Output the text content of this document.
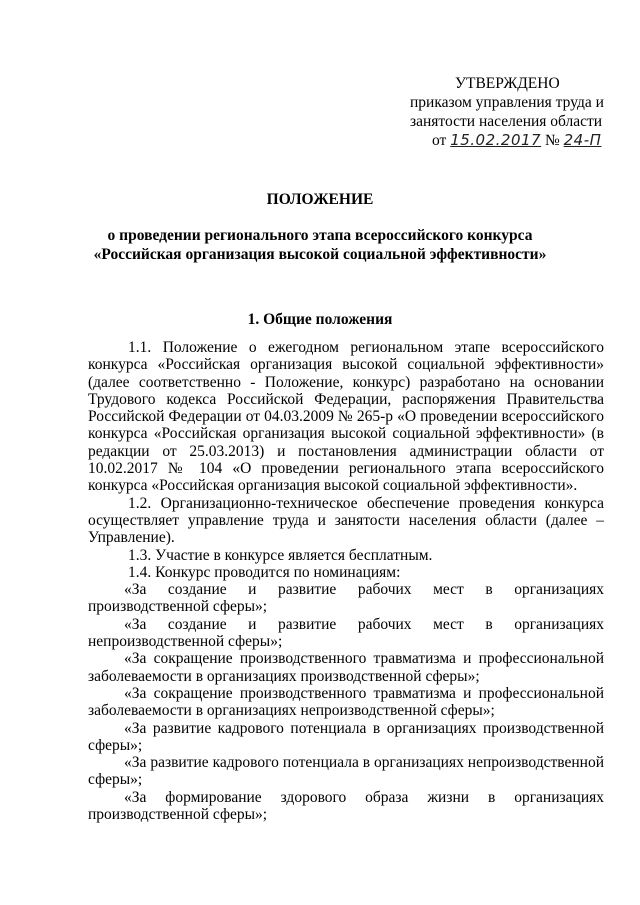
УТВЕРЖДЕНО
приказом управления труда и
занятости населения области
от 15.02.2017 № 24-П
ПОЛОЖЕНИЕ
о проведении регионального этапа всероссийского конкурса
«Российская организация высокой социальной эффективности»
1. Общие положения

1.1. Положение о ежегодном региональном этапе всероссийского конкурса «Российская организация высокой социальной эффективности» (далее соответственно - Положение, конкурс) разработано на основании Трудового кодекса Российской Федерации, распоряжения Правительства Российской Федерации от 04.03.2009 № 265-р «О проведении всероссийского конкурса «Российская организация высокой социальной эффективности» (в редакции от 25.03.2013) и постановления администрации области от 10.02.2017 № 104 «О проведении регионального этапа всероссийского конкурса «Российская организация высокой социальной эффективности».

1.2. Организационно-техническое обеспечение проведения конкурса осуществляет управление труда и занятости населения области (далее – Управление).

1.3. Участие в конкурсе является бесплатным.

1.4. Конкурс проводится по номинациям:

«За создание и развитие рабочих мест в организациях производственной сферы»;

«За создание и развитие рабочих мест в организациях непроизводственной сферы»;

«За сокращение производственного травматизма и профессиональной заболеваемости в организациях производственной сферы»;

«За сокращение производственного травматизма и профессиональной заболеваемости в организациях непроизводственной сферы»;

«За развитие кадрового потенциала в организациях производственной сферы»;

«За развитие кадрового потенциала в организациях непроизводственной сферы»;

«За формирование здорового образа жизни в организациях производственной сферы»;
